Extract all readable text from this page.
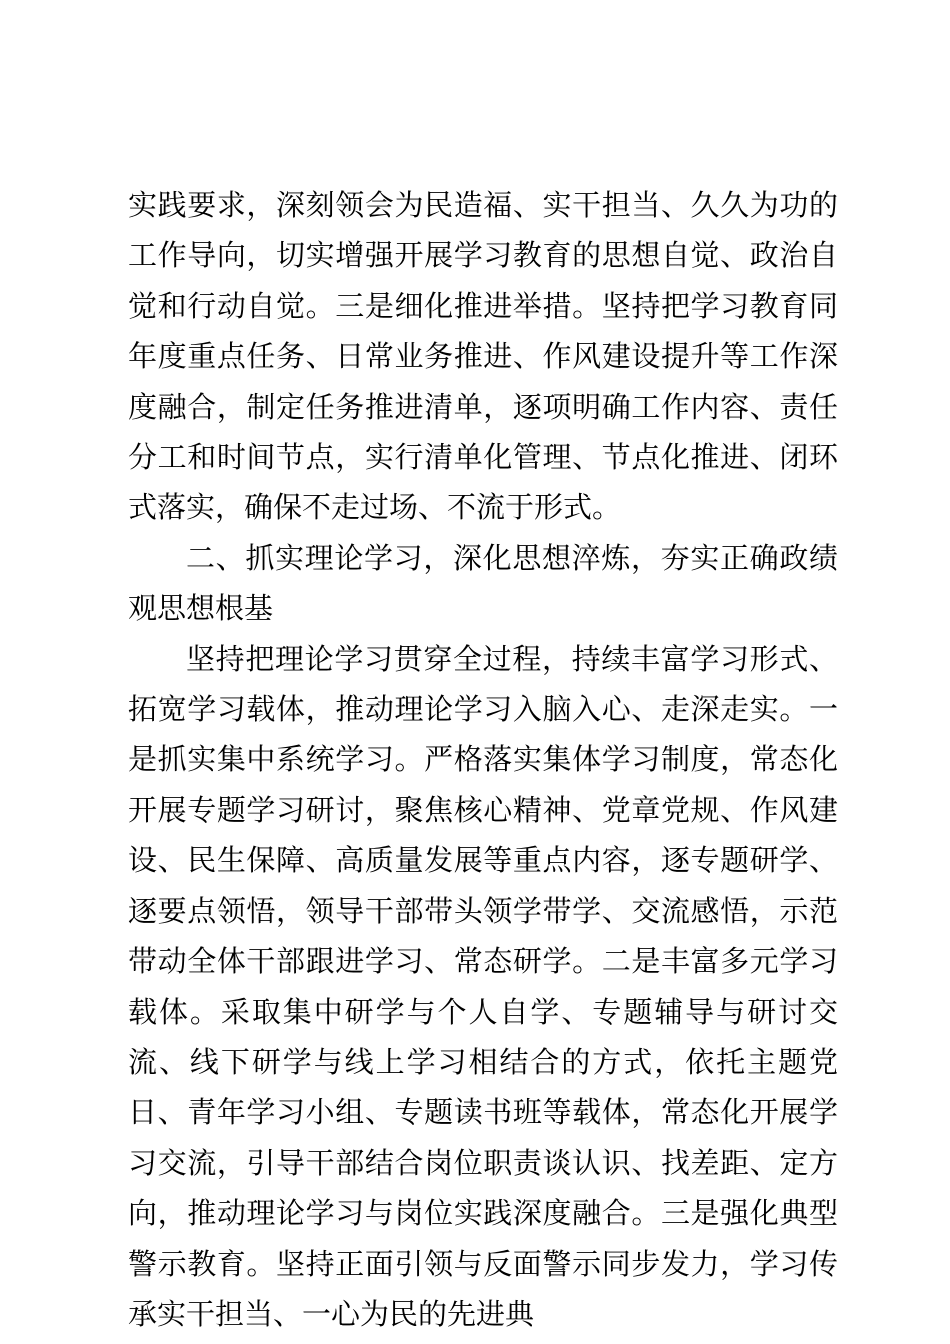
实践要求，深刻领会为民造福、实干担当、久久为功的工作导向，切实增强开展学习教育的思想自觉、政治自觉和行动自觉。三是细化推进举措。坚持把学习教育同年度重点任务、日常业务推进、作风建设提升等工作深度融合，制定任务推进清单，逐项明确工作内容、责任分工和时间节点，实行清单化管理、节点化推进、闭环式落实，确保不走过场、不流于形式。

二、抓实理论学习，深化思想淬炼，夯实正确政绩观思想根基

坚持把理论学习贯穿全过程，持续丰富学习形式、拓宽学习载体，推动理论学习入脑入心、走深走实。一是抓实集中系统学习。严格落实集体学习制度，常态化开展专题学习研讨，聚焦核心精神、党章党规、作风建设、民生保障、高质量发展等重点内容，逐专题研学、逐要点领悟，领导干部带头领学带学、交流感悟，示范带动全体干部跟进学习、常态研学。二是丰富多元学习载体。采取集中研学与个人自学、专题辅导与研讨交流、线下研学与线上学习相结合的方式，依托主题党日、青年学习小组、专题读书班等载体，常态化开展学习交流，引导干部结合岗位职责谈认识、找差距、定方向，推动理论学习与岗位实践深度融合。三是强化典型警示教育。坚持正面引领与反面警示同步发力，学习传承实干担当、一心为民的先进典
